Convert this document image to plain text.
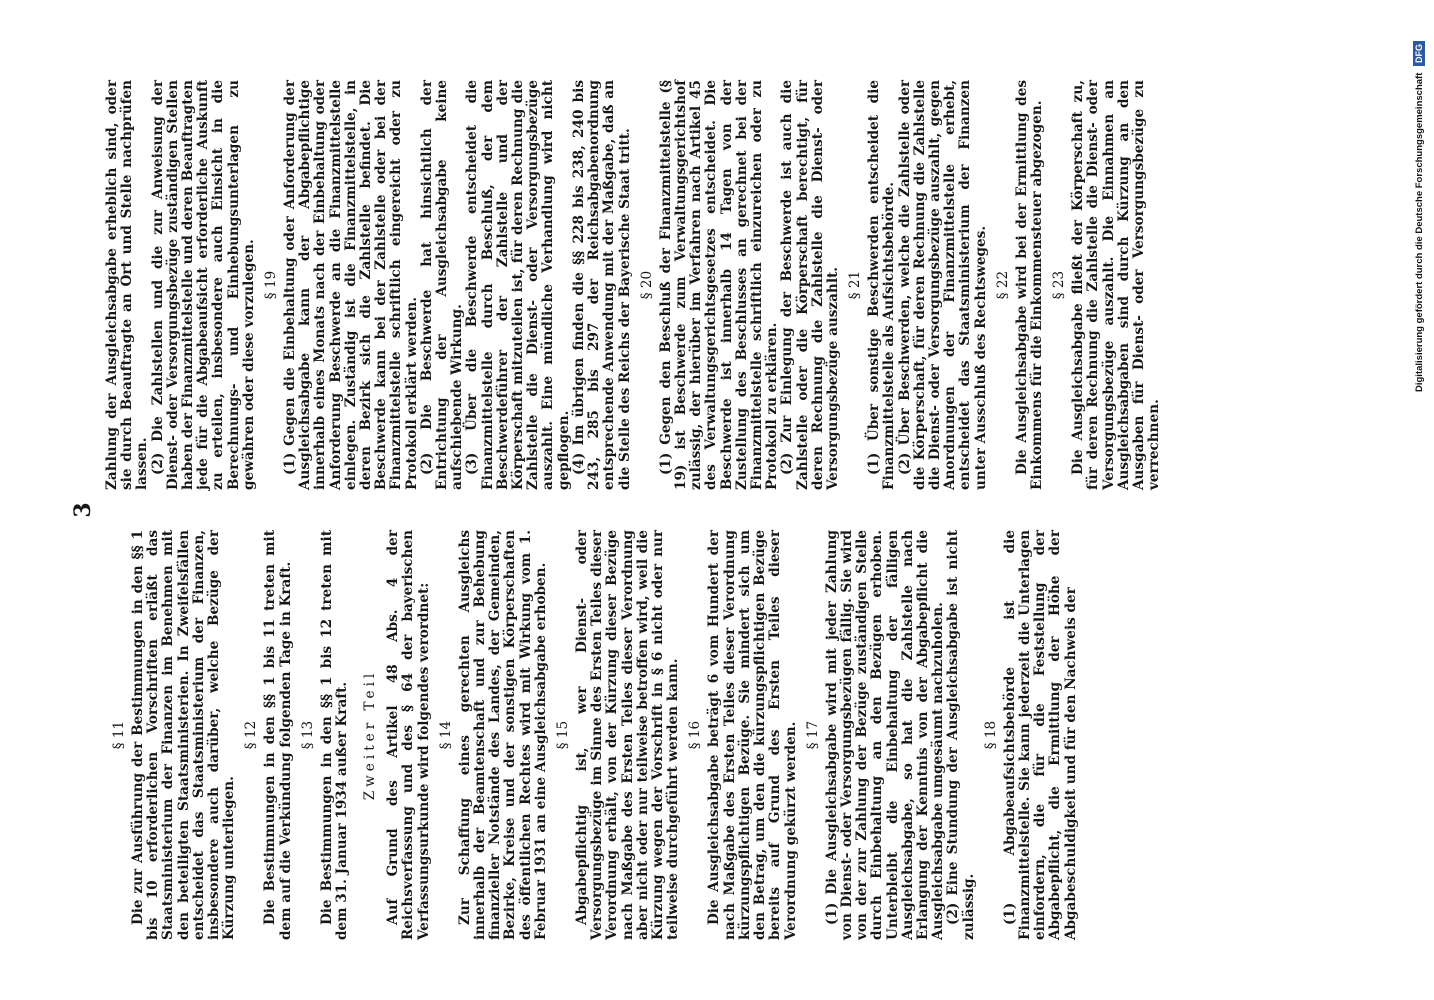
3
§ 11 Die zur Ausführung der Bestimmungen in den §§ 1 bis 10 erforderlichen Vorschriften erläßt das Staatsministerium der Finanzen im Benehmen mit den beteiligten Staatsministerien. In Zweifelsfällen entscheidet das Staatsministerium der Finanzen, insbesondere auch darüber, welche Bezüge der Kürzung unterliegen.

§ 12 Die Bestimmungen in den §§ 1 bis 11 treten mit dem auf die Verkündung folgenden Tage in Kraft. § 13 Die Bestimmungen in den §§ 1 bis 12 treten mit dem 31. Januar 1934 außer Kraft. Zweiter Teil Auf Grund des Artikel 48 Abs. 4 der Reichsverfassung und des § 64 der bayerischen Verfassungsurkunde wird folgendes verordnet: § 14 Zur Schaffung eines gerechten Ausgleichs innerhalb der Beamtenschaft und zur Behebung finanzieller Notstände des Landes, der Gemeinden, Bezirke, Kreise und der sonstigen Körperschaften des öffentlichen Rechtes wird mit Wirkung vom 1. Februar 1931 an eine Ausgleichsabgabe erhoben. § 15 Abgabepflichtig ist, wer Dienst- oder Versorgungsbezüge im Sinne des Ersten Teiles dieser Verordnung erhält, von der Kürzung dieser Bezüge nach Maßgabe des Ersten Teiles dieser Verordnung aber nicht oder nur teilweise betroffen wird, weil die Kürzung wegen der Vorschrift in § 6 nicht oder nur teilweise durchgeführt werden kann. § 16 Die Ausgleichsabgabe beträgt 6 vom Hundert der nach Maßgabe des Ersten Teiles dieser Verordnung kürzungspflichtigen Bezüge. Sie mindert sich um den Betrag, um den die kürzungspflichtigen Bezüge bereits auf Grund des Ersten Teiles dieser Verordnung gekürzt werden. § 17 (1) Die Ausgleichsabgabe wird mit jeder Zahlung von Dienst- oder Versorgungsbezügen fällig. Sie wird von der zur Zahlung der Bezüge zuständigen Stelle durch Einbehaltung an den Bezügen erhoben. Unterbleibt die Einbehaltung der fälligen Ausgleichsabgabe, so hat die Zahlstelle nach Erlangung der Kenntnis von der Abgabepflicht die Ausgleichsabgabe umgesäumt nachzuholen. (2) Eine Stundung der Ausgleichsabgabe ist nicht zulässig.

§ 18 (1) Abgabeaufsichtsbehörde ist die Finanzmittelstelle. Sie kann jederzeit die Unterlagen einfordern, die für die Feststellung der Abgabepflicht, die Ermittlung der Höhe der Abgabeschuldigkeit und für den Nachweis der

Zahlung der Ausgleichsabgabe erheblich sind, oder sie durch Beauftragte an Ort und Stelle nachprüfen lassen. (2) Die Zahlstellen und die zur Anweisung der Dienst- oder Versorgungsbezüge zuständigen Stellen haben der Finanzmittelstelle und deren Beauftragten jede für die Abgabeaufsicht erforderliche Auskunft zu erteilen, insbesondere auch Einsicht in die Berechnungs- und Einhebungsunterlagen zu gewähren oder diese vorzulegen. § 19 (1) Gegen die Einbehaltung oder Anforderung der Ausgleichsabgabe kann der Abgabepflichtige innerhalb eines Monats nach der Einbehaltung oder Anforderung Beschwerde an die Finanzmittelstelle einlegen. Zuständig ist die Finanzmittelstelle, in deren Bezirk sich die Zahlstelle befindet. Die Beschwerde kann bei der Zahlstelle oder bei der Finanzmittelstelle schriftlich eingereicht oder zu Protokoll erklärt werden. (2) Die Beschwerde hat hinsichtlich der Entrichtung der Ausgleichsabgabe keine aufschiebende Wirkung. (3) Über die Beschwerde entscheidet die Finanzmittelstelle durch Beschluß, der dem Beschwerdeführer der Zahlstelle und der Körperschaft mitzuteilen ist, für deren Rechnung die Zahlstelle die Dienst- oder Versorgungsbezüge auszahlt. Eine mündliche Verhandlung wird nicht gepflogen. (4) Im übrigen finden die §§ 228 bis 238, 240 bis 243, 285 bis 297 der Reichsabgabenordnung entsprechende Anwendung mit der Maßgabe, daß an die Stelle des Reichs der Bayerische Staat tritt. § 20 (1) Gegen den Beschluß der Finanzmittelstelle (§ 19) ist Beschwerde zum Verwaltungsgerichtshof zulässig, der hierüber im Verfahren nach Artikel 45 des Verwaltungsgerichtsgesetzes entscheidet. Die Beschwerde ist innerhalb 14 Tagen von der Zustellung des Beschlusses an gerechnet bei der Finanzmittelstelle schriftlich einzureichen oder zu Protokoll zu erklären. (2) Zur Einlegung der Beschwerde ist auch die Zahlstelle oder die Körperschaft berechtigt, für deren Rechnung die Zahlstelle die Dienst- oder Versorgungsbezüge auszahlt. § 21 (1) Über sonstige Beschwerden entscheidet die Finanzmittelstelle als Aufsichtsbehörde. (2) Über Beschwerden, welche die Zahlstelle oder die Körperschaft, für deren Rechnung die Zahlstelle die Dienst- oder Versorgungsbezüge auszahlt, gegen Anordnungen der Finanzmittelstelle erhebt, entscheidet das Staatsministerium der Finanzen unter Ausschluß des Rechtsweges. § 22 Die Ausgleichsabgabe wird bei der Ermittlung des Einkommens für die Einkommensteuer abgezogen. § 23 Die Ausgleichsabgabe fließt der Körperschaft zu, für deren Rechnung die Zahlstelle die Dienst- oder Versorgungsbezüge auszahlt. Die Einnahmen an Ausgleichsabgaben sind durch Kürzung an den Ausgaben für Dienst- oder Versorgungsbezüge zu verrechnen.

Digitalisierung gefördert durch die Deutsche Forschungsgemeinschaft DFG
